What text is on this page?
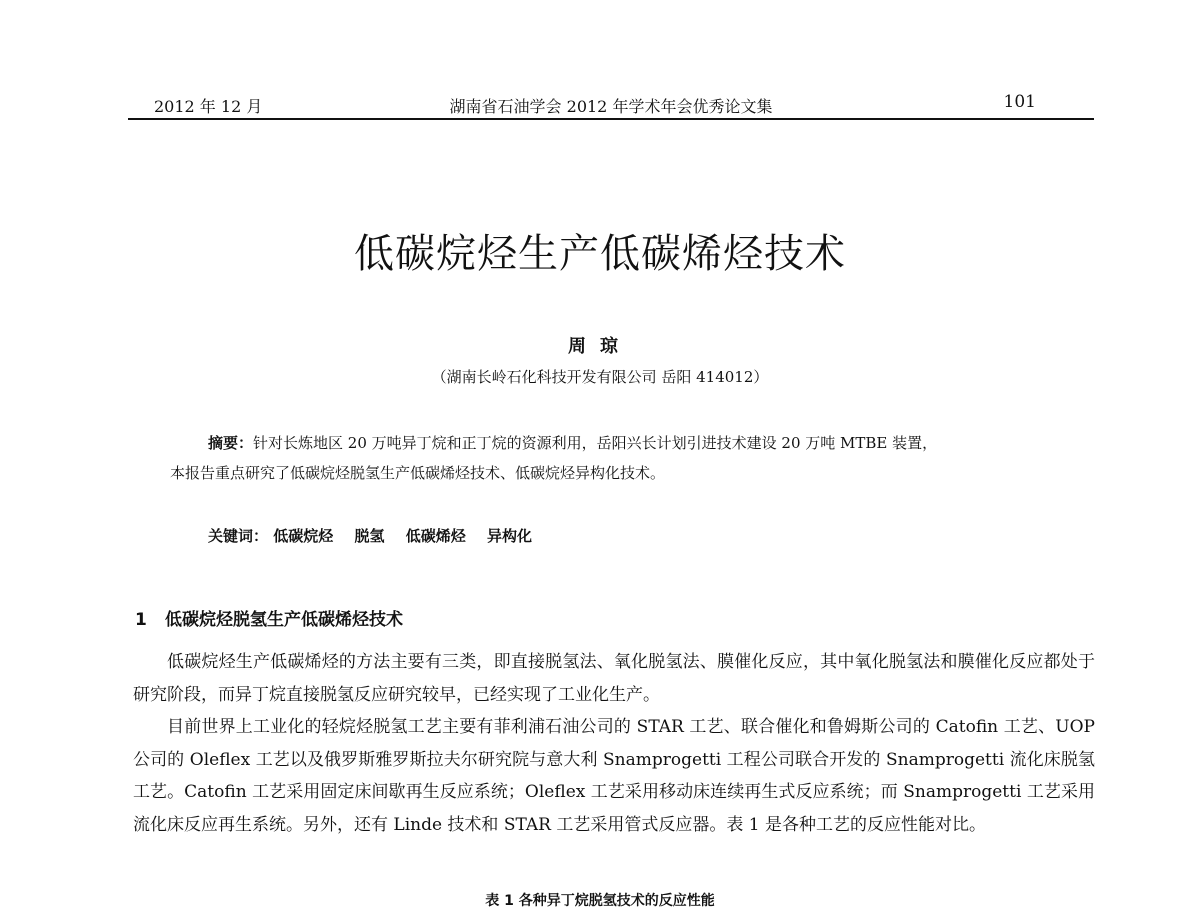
2012 年 12 月	湖南省石油学会 2012 年学术年会优秀论文集	101
低碳烷烃生产低碳烯烃技术
周琼
（湖南长岭石化科技开发有限公司 岳阳 414012）

摘要：针对长炼地区 20 万吨异丁烷和正丁烷的资源利用，岳阳兴长计划引进技术建设 20 万吨 MTBE 装置，

本报告重点研究了低碳烷烃脱氢生产低碳烯烃技术、低碳烷烃异构化技术。

关键词： 低碳烷烃 脱氢 低碳烯烃 异构化
1 低碳烷烃脱氢生产低碳烯烃技术

低碳烷烃生产低碳烯烃的方法主要有三类，即直接脱氢法、氧化脱氢法、膜催化反应，其中氧化脱氢法和膜催化反应都处于研究阶段，而异丁烷直接脱氢反应研究较早，已经实现了工业化生产。

目前世界上工业化的轻烷烃脱氢工艺主要有菲利浦石油公司的 STAR 工艺、联合催化和鲁姆斯公司的 Catofin 工艺、UOP 公司的 Oleflex 工艺以及俄罗斯雅罗斯拉夫尔研究院与意大利 Snamprogetti 工程公司联合开发的 Snamprogetti 流化床脱氢工艺。Catofin 工艺采用固定床间歇再生反应系统；Oleflex 工艺采用移动床连续再生式反应系统；而 Snamprogetti 工艺采用流化床反应再生系统。另外，还有 Linde 技术和 STAR 工艺采用管式反应器。表 1 是各种工艺的反应性能对比。

表 1 各种异丁烷脱氢技术的反应性能
